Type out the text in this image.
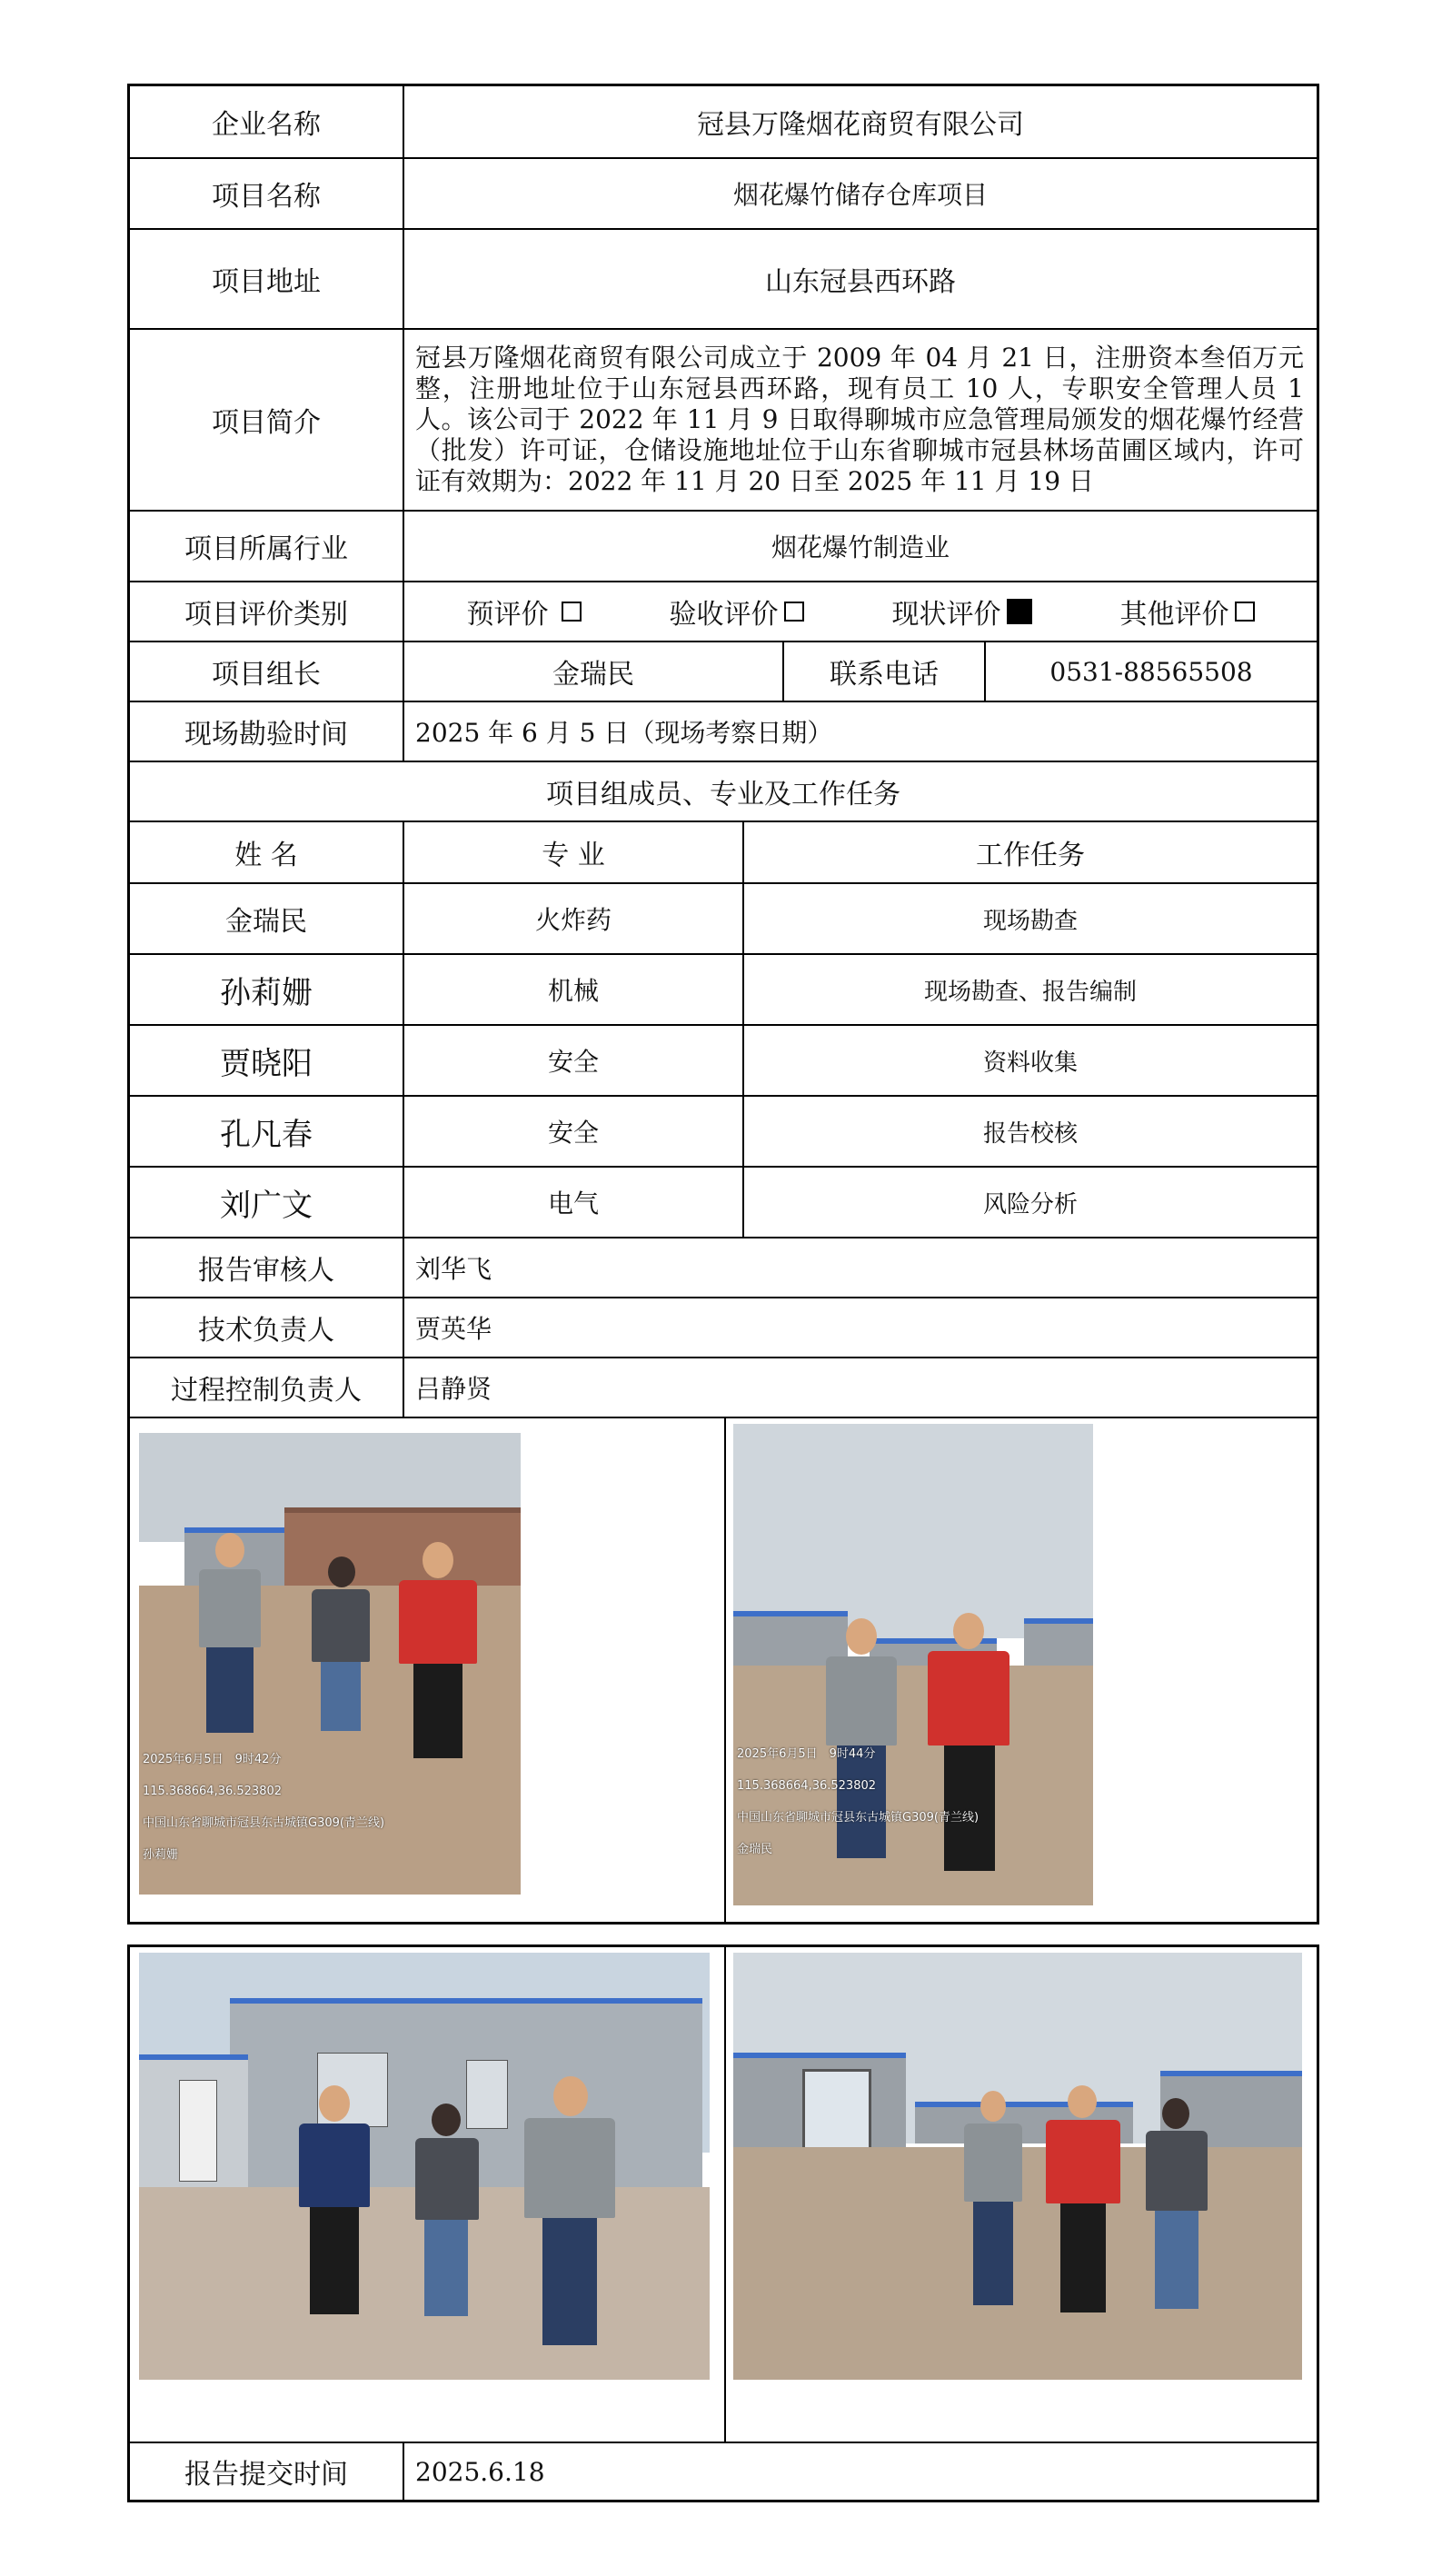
企业名称	冠县万隆烟花商贸有限公司
项目名称	烟花爆竹储存仓库项目
项目地址	山东冠县西环路
项目简介
冠县万隆烟花商贸有限公司成立于 2009 年 04 月 21 日，注册资本叁佰万元整，注册地址位于山东冠县西环路，现有员工 10 人，专职安全管理人员 1 人。该公司于 2022 年 11 月 9 日取得聊城市应急管理局颁发的烟花爆竹经营（批发）许可证，仓储设施地址位于山东省聊城市冠县林场苗圃区域内，许可证有效期为：2022 年 11 月 20 日至 2025 年 11 月 19 日
项目所属行业	烟花爆竹制造业
项目评价类别	预评价	验收评价	现状评价	其他评价
项目组长	金瑞民	联系电话	0531-88565508
现场勘验时间	2025 年 6 月 5 日（现场考察日期）
项目组成员、专业及工作任务
姓 名	专 业	工作任务
金瑞民	火炸药	现场勘查
孙莉姗	机械	现场勘查、报告编制
贾晓阳	安全	资料收集
孔凡春	安全	报告校核
刘广文	电气	风险分析
报告审核人	刘华飞
技术负责人	贾英华
过程控制负责人	吕静贤
2025年6月5日　9时42分
115.368664,36.523802
中国山东省聊城市冠县东古城镇G309(青兰线)
孙莉姗
2025年6月5日　9时44分
115.368664,36.523802
中国山东省聊城市冠县东古城镇G309(青兰线)
金瑞民
报告提交时间	2025.6.18
